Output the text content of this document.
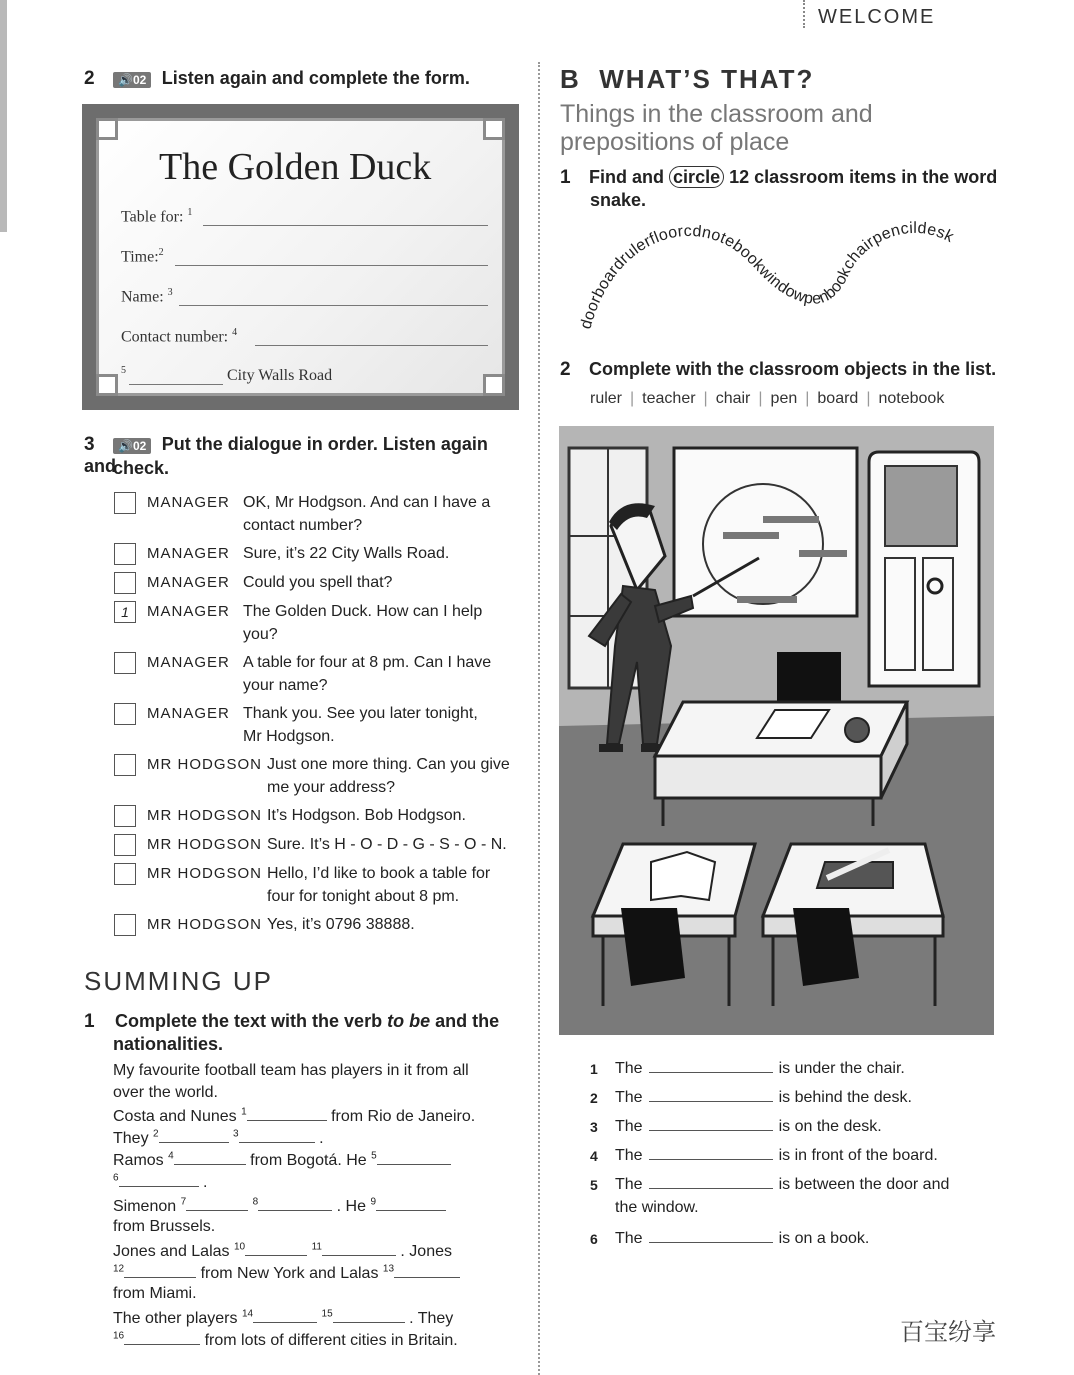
WELCOME
2 🔊02 Listen again and complete the form.
The Golden Duck
Table for: $^1$
Time:$^2$
Name: $^3$
Contact number: $^4$
$^5$	City Walls Road
3 🔊02 Put the dialogue in order. Listen again and
check.
MANAGER OK, Mr Hodgson. And can I have a
contact number?
MANAGER Sure, it’s 22 City Walls Road.
MANAGER Could you spell that?
1	MANAGER The Golden Duck. How can I help
you?
MANAGER A table for four at 8 pm. Can I have
your name?
MANAGER Thank you. See you later tonight,
Mr Hodgson.
MR HODGSON Just one more thing. Can you give
me your address?
MR HODGSON It’s Hodgson. Bob Hodgson.
MR HODGSON Sure. It’s H - O - D - G - S - O - N.
MR HODGSON Hello, I’d like to book a table for
four for tonight about 8 pm.
MR HODGSON Yes, it’s 0796 38888.
SUMMING UP
1 Complete the text with the verb to be and the
nationalities.
My favourite football team has players in it from all
over the world.
Costa and Nunes $^1$	from Rio de Janeiro.
They $^2$	$^3$	.
Ramos $^4$	from Bogotá. He $^5$
$^6$	.
Simenon $^7$	$^8$	. He $^9$
from Brussels.
Jones and Lalas $^{10}$	$^{11}$	. Jones
$^{12}$	from New York and Lalas $^{13}$
from Miami.
The other players $^{14}$	$^{15}$	. They
$^{16}$	from lots of different cities in Britain.
B WHAT’S THAT?
Things in the classroom and
prepositions of place
1 Find and circle 12 classroom items in the word
snake.
doorboardrulerfloorcdnotebookwindowpenbookchairpencildesk
2 Complete with the classroom objects in the list.
ruler | teacher | chair | pen | board | notebook
1 The	is under the chair.
2 The	is behind the desk.
3 The	is on the desk.
4 The	is in front of the board.
5 The	is between the door and
the window.
6 The	is on a book.
百宝纷享
